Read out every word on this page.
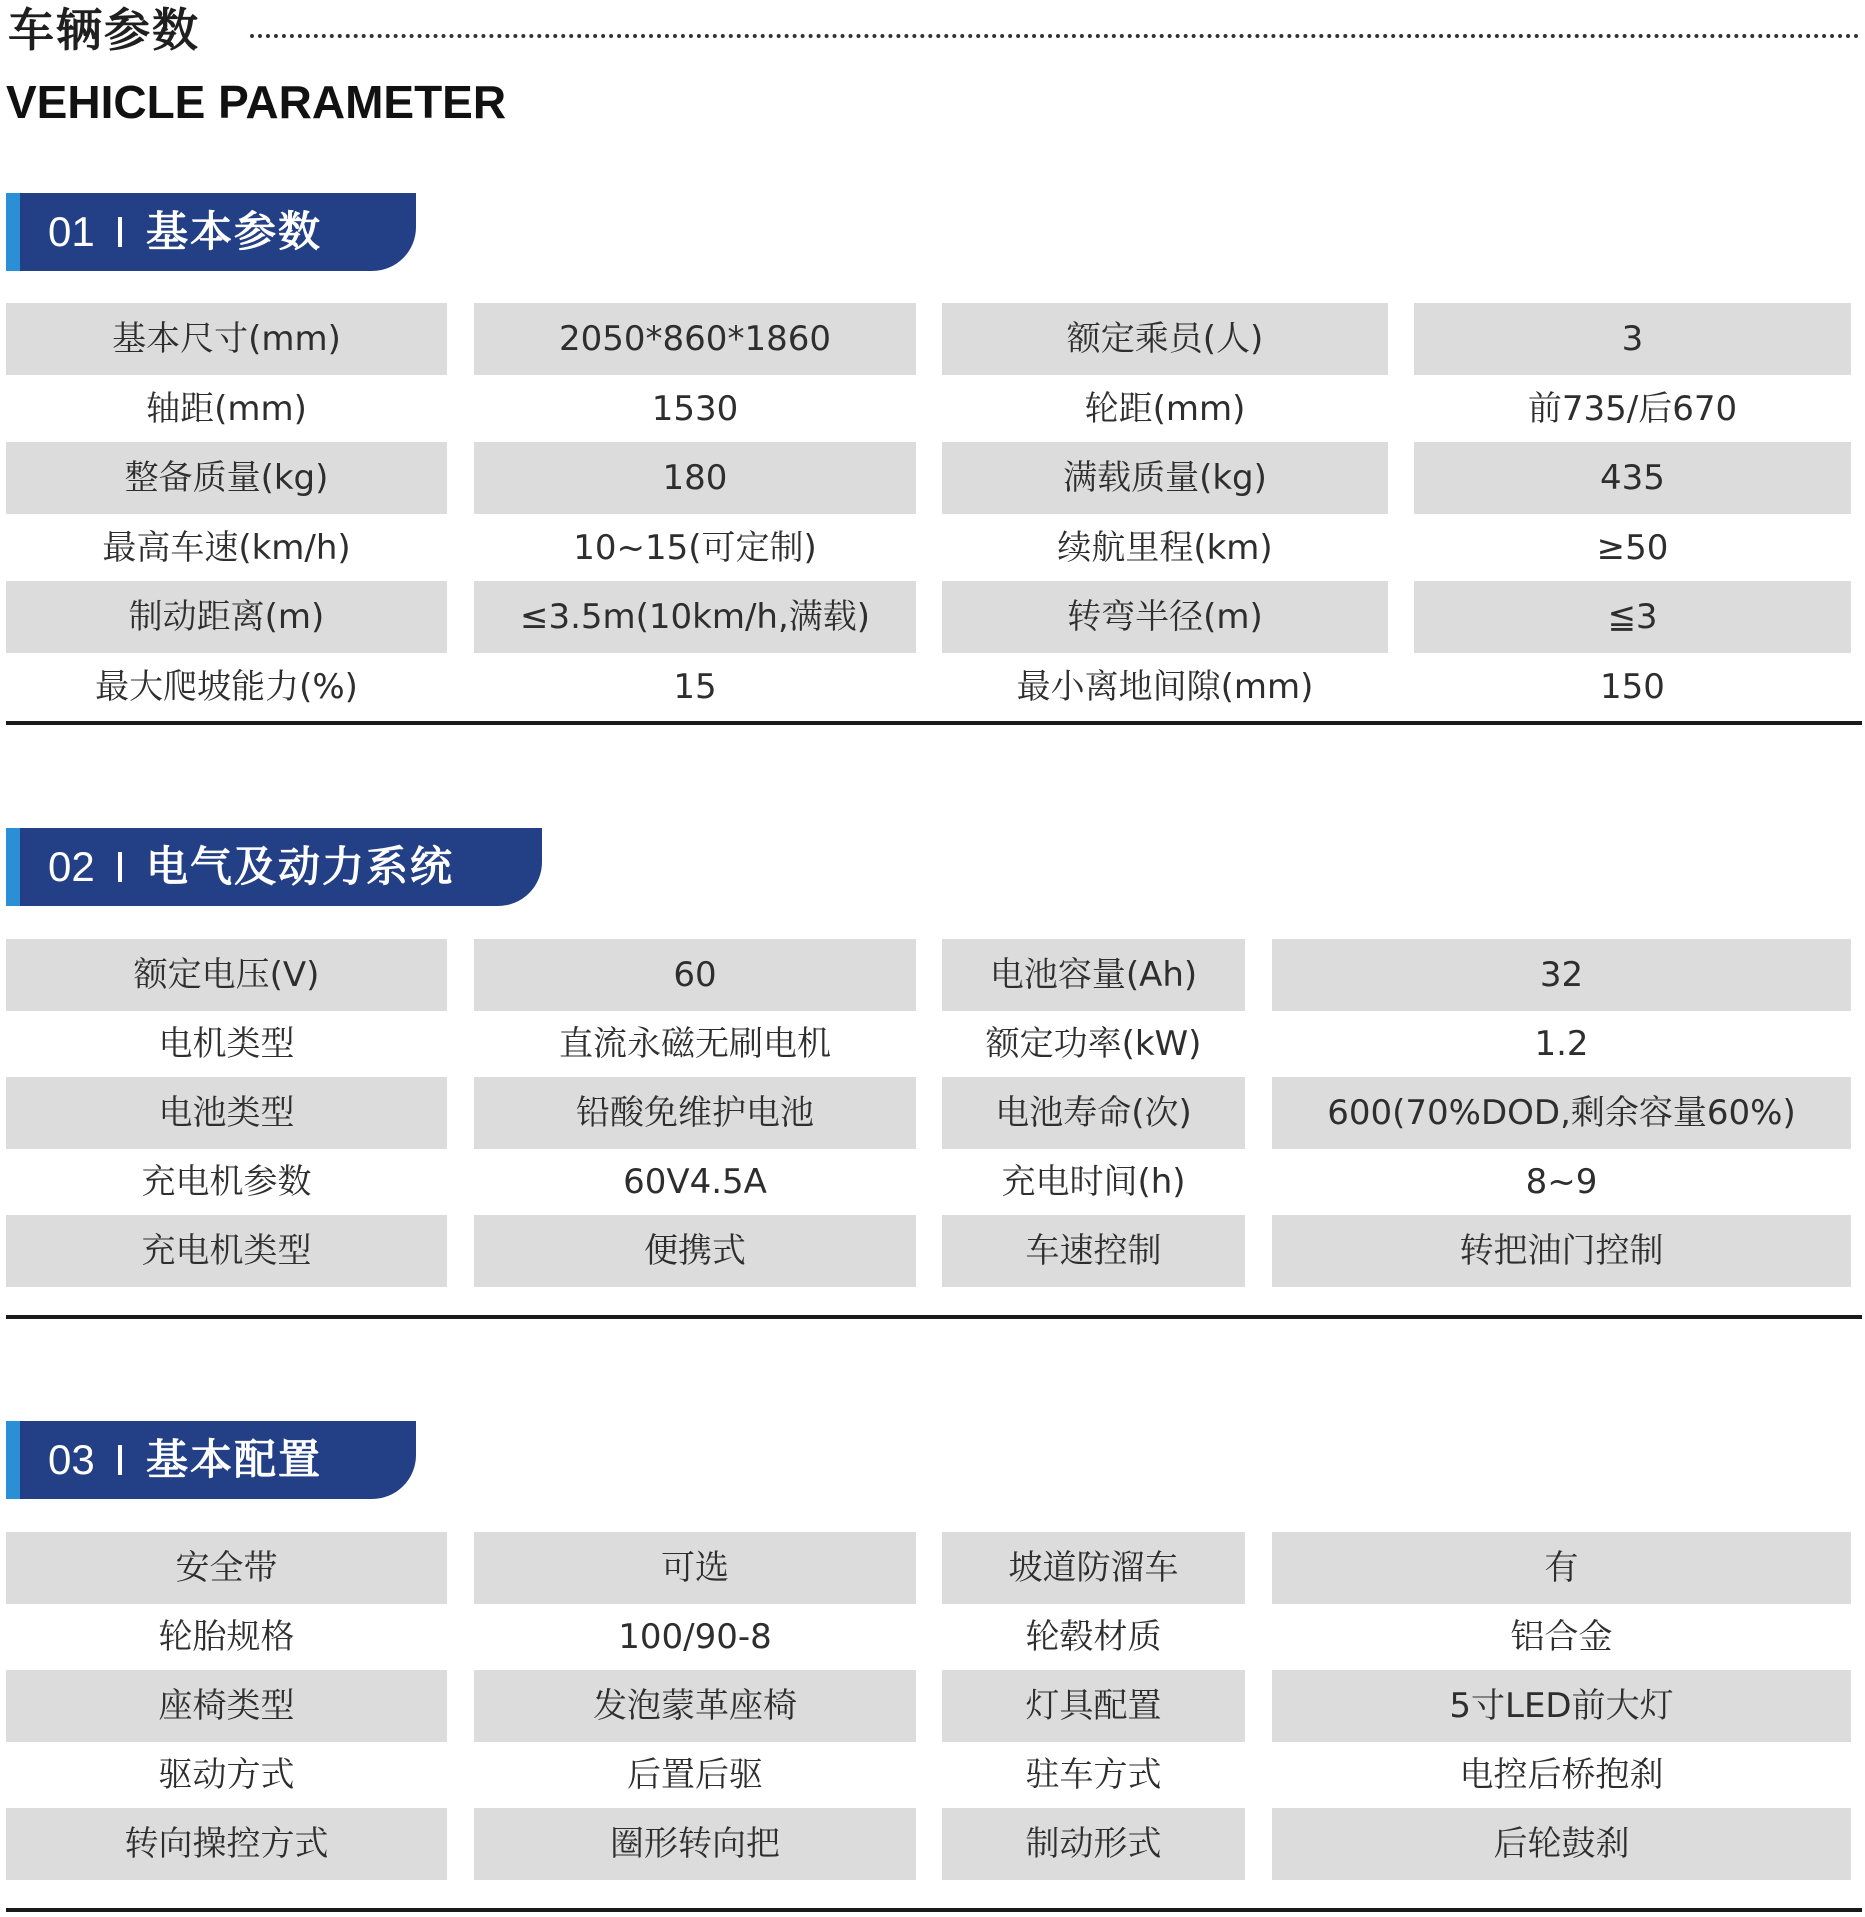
车辆参数
VEHICLE PARAMETER
01 基本参数
基本尺寸(mm)	2050*860*1860	额定乘员(人)	3
轴距(mm)	1530	轮距(mm)	前735/后670
整备质量(kg)	180	满载质量(kg)	435
最高车速(km/h)	10~15(可定制)	续航里程(km)	≥50
制动距离(m)	≤3.5m(10km/h,满载)	转弯半径(m)	≦3
最大爬坡能力(%)	15	最小离地间隙(mm)	150
02 电气及动力系统
额定电压(V)	60	电池容量(Ah)	32
电机类型	直流永磁无刷电机	额定功率(kW)	1.2
电池类型	铅酸免维护电池	电池寿命(次)	600(70%DOD,剩余容量60%)
充电机参数	60V4.5A	充电时间(h)	8~9
充电机类型	便携式	车速控制	转把油门控制
03 基本配置
安全带	可选	坡道防溜车	有
轮胎规格	100/90-8	轮毂材质	铝合金
座椅类型	发泡蒙革座椅	灯具配置	5寸LED前大灯
驱动方式	后置后驱	驻车方式	电控后桥抱刹
转向操控方式	圈形转向把	制动形式	后轮鼓刹
